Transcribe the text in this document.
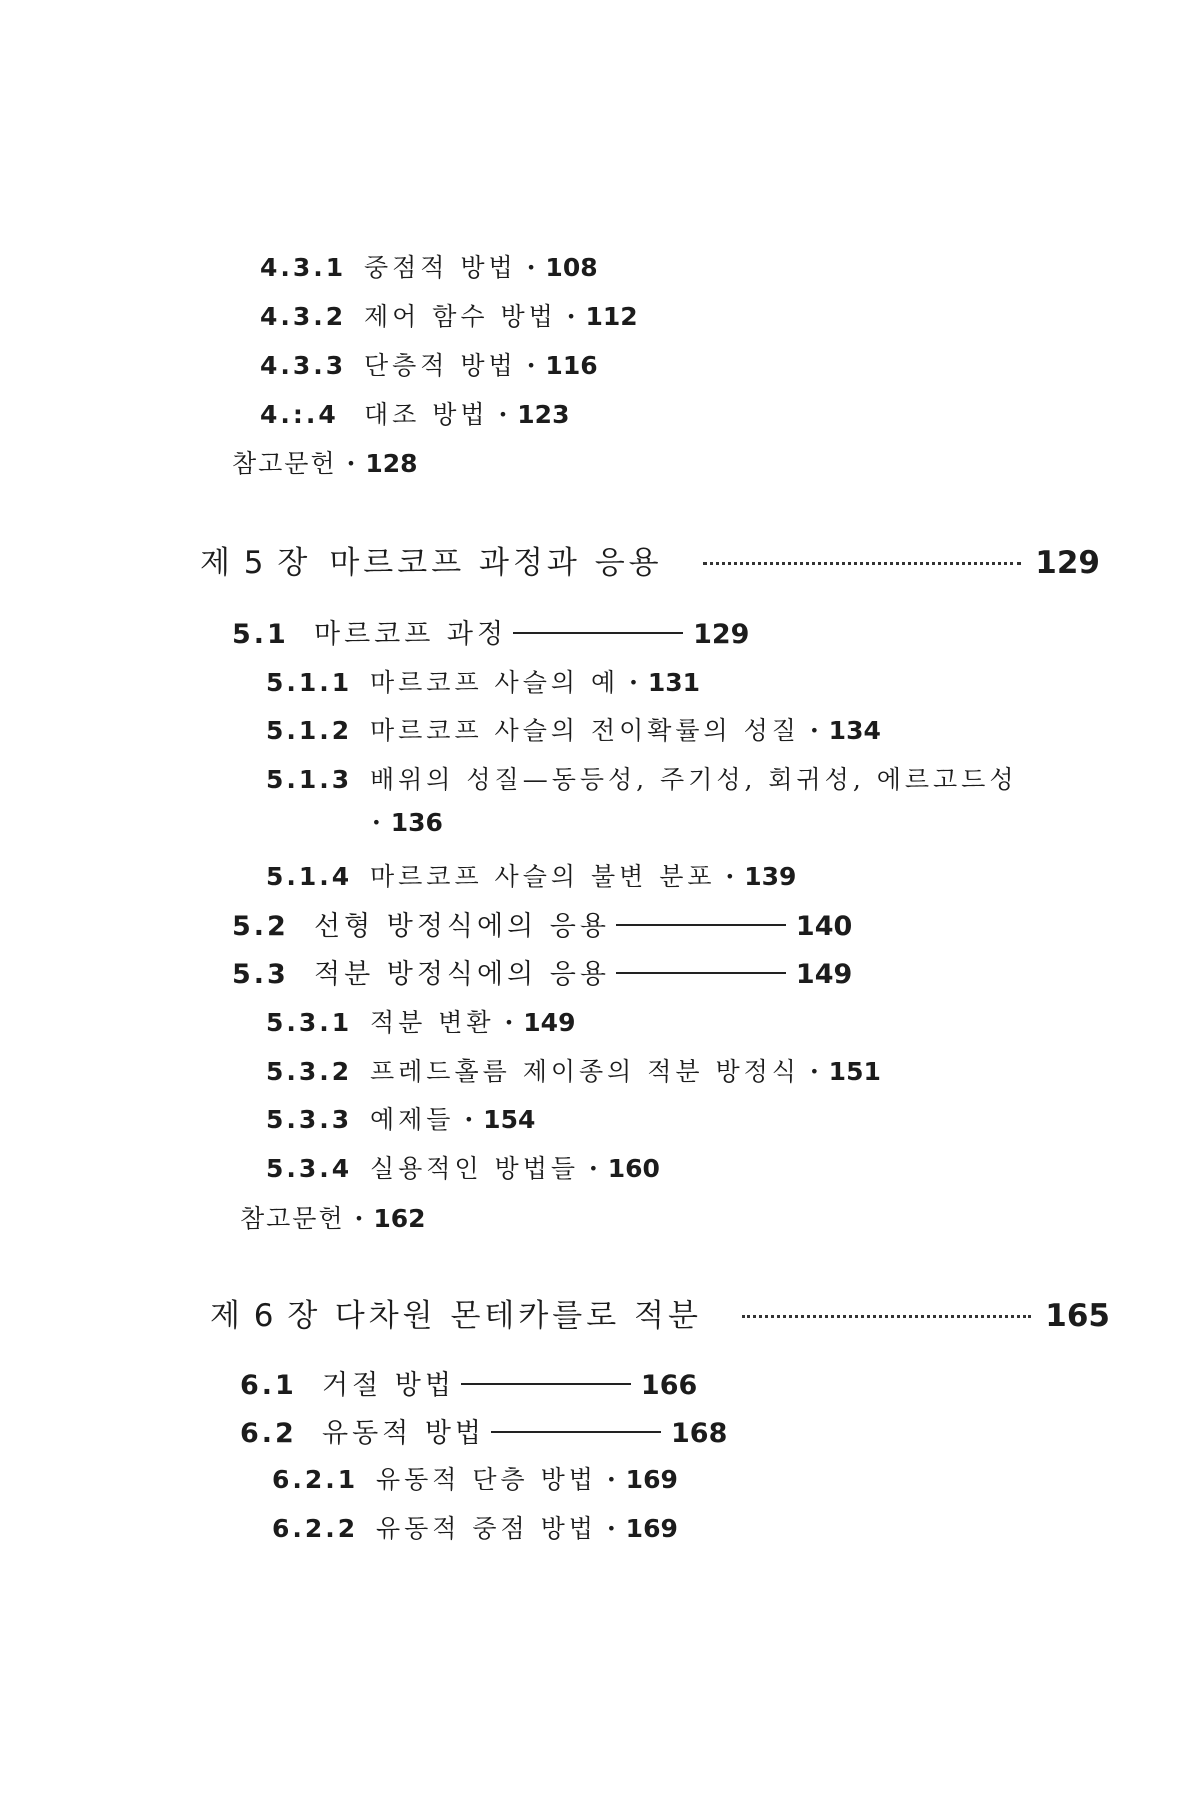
4.3.1 중점적 방법 · 108
4.3.2 제어 함수 방법 · 112
4.3.3 단층적 방법 · 116
4.:.4	대조 방법 · 123
참고문헌 · 128
제 5 장 마르코프 과정과 응용	129
5.1 마르코프 과정	129
5.1.1 마르코프 사슬의 예 · 131
5.1.2 마르코프 사슬의 전이확률의 성질 · 134
5.1.3 배위의 성질—동등성, 주기성, 회귀성, 에르고드성
· 136
5.1.4 마르코프 사슬의 불변 분포 · 139
5.2 선형 방정식에의 응용	140
5.3 적분 방정식에의 응용	149
5.3.1 적분 변환 · 149
5.3.2 프레드홀름 제이종의 적분 방정식 · 151
5.3.3 예제들 · 154
5.3.4 실용적인 방법들 · 160
참고문헌 · 162
제 6 장 다차원 몬테카를로 적분	165
6.1 거절 방법	166
6.2 유동적 방법	168
6.2.1 유동적 단층 방법 · 169
6.2.2 유동적 중점 방법 · 169
